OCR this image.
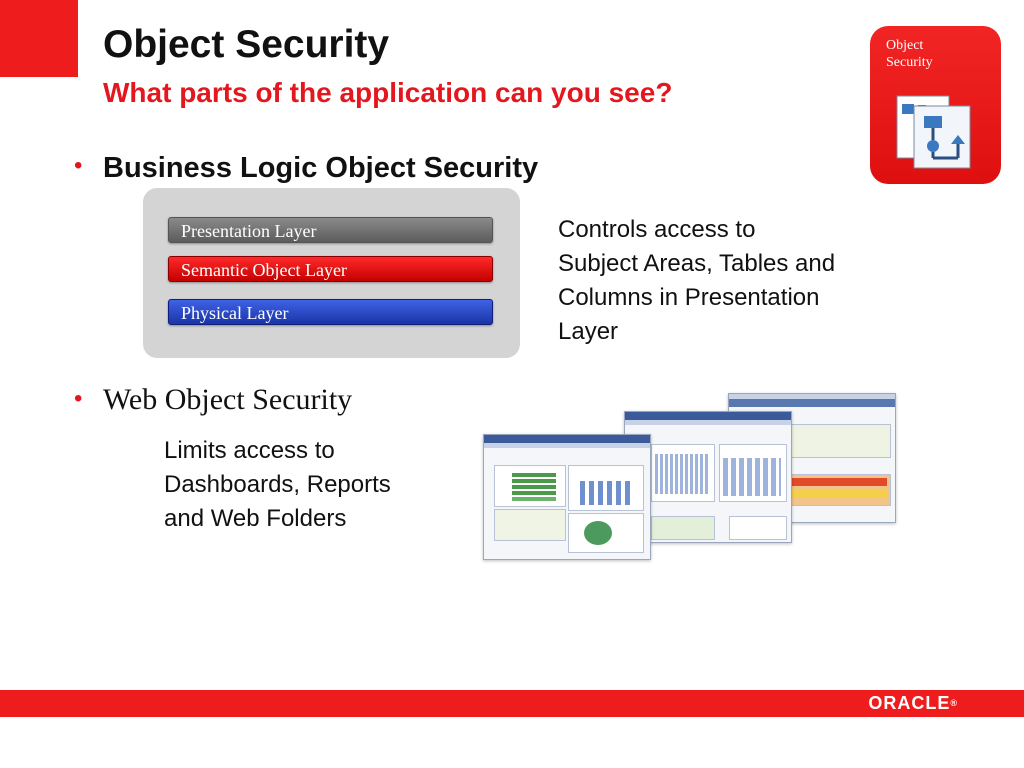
Object Security
What parts of the application can you see?
Object
Security
• Business Logic Object Security
Presentation Layer
Semantic Object Layer
Physical Layer
Controls access to
Subject Areas, Tables and
Columns in Presentation
Layer
• Web Object Security
Limits access to
Dashboards, Reports
and Web Folders
ORACLE®
